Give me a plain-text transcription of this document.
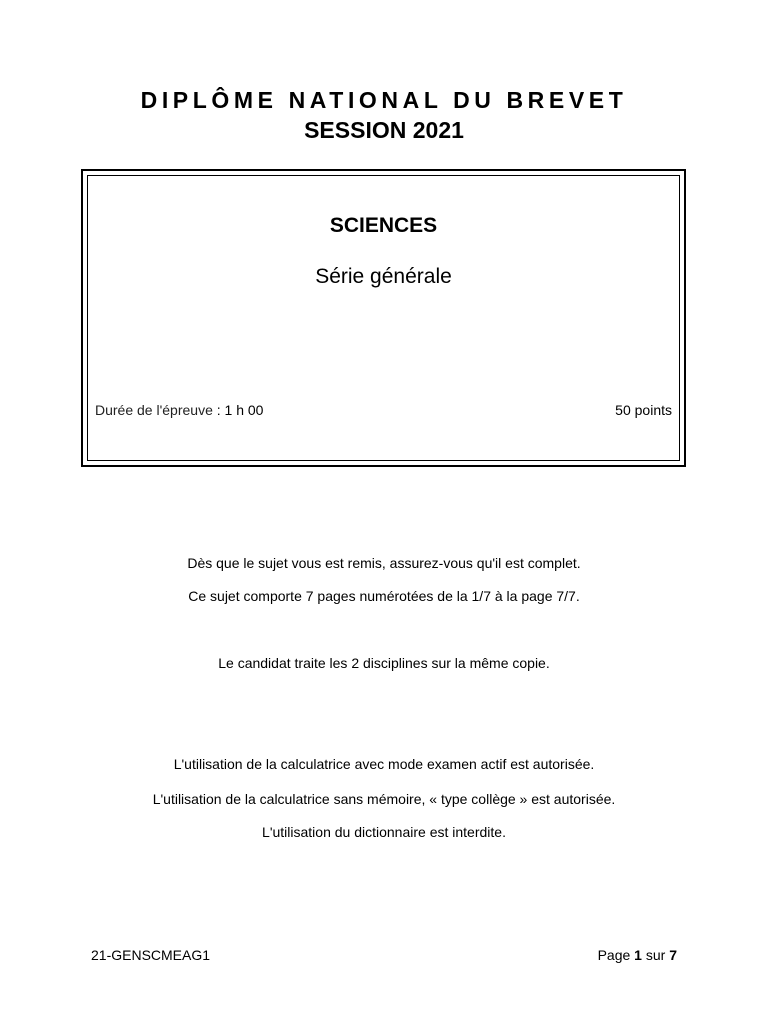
DIPLÔME NATIONAL DU BREVET
SESSION 2021
SCIENCES
Série générale
Durée de l'épreuve : 1 h 00	50 points

Dès que le sujet vous est remis, assurez-vous qu'il est complet.

Ce sujet comporte 7 pages numérotées de la 1/7 à la page 7/7.

Le candidat traite les 2 disciplines sur la même copie.

L'utilisation de la calculatrice avec mode examen actif est autorisée.

L'utilisation de la calculatrice sans mémoire, « type collège » est autorisée.

L'utilisation du dictionnaire est interdite.

21-GENSCMEAG1	Page 1 sur 7
